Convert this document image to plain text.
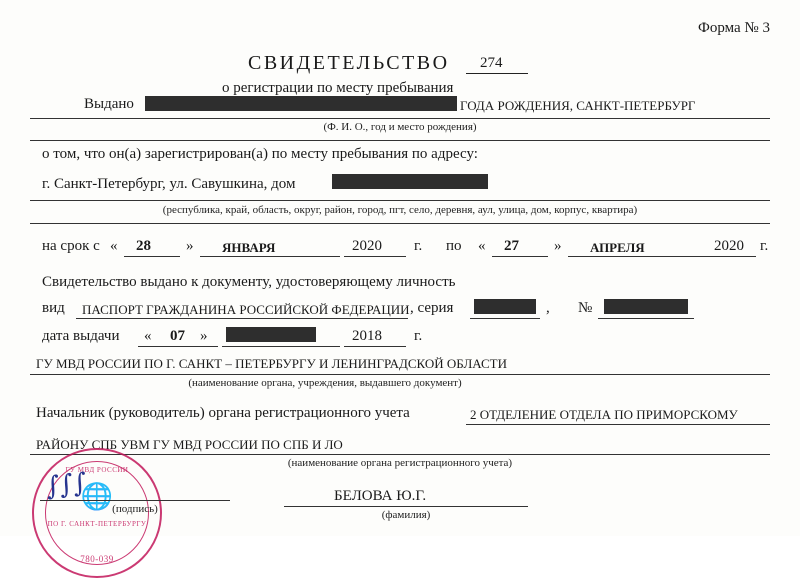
Форма № 3
СВИДЕТЕЛЬСТВО 274
о регистрации по месту пребывания
Выдано	ГОДА РОЖДЕНИЯ, САНКТ-ПЕТЕРБУРГ
(Ф. И. О., год и место рождения)
о том, что он(а) зарегистрирован(а) по месту пребывания по адресу:
г. Санкт-Петербург, ул. Савушкина, дом
(республика, край, область, округ, район, город, пгт, село, деревня, аул, улица, дом, корпус, квартира)
на срок с « 28 » ЯНВАРЯ	2020 г. по « 27 » АПРЕЛЯ	2020 г.
Свидетельство выдано к документу, удостоверяющему личность
вид ПАСПОРТ ГРАЖДАНИНА РОССИЙСКОЙ ФЕДЕРАЦИИ , серия	, №
дата выдачи « 07 »	2018 г.
ГУ МВД РОССИИ ПО Г. САНКТ – ПЕТЕРБУРГУ И ЛЕНИНГРАДСКОЙ ОБЛАСТИ
(наименование органа, учреждения, выдавшего документ)
Начальник (руководитель) органа регистрационного учета	2 ОТДЕЛЕНИЕ ОТДЕЛА ПО ПРИМОРСКОМУ
РАЙОНУ СПБ УВМ ГУ МВД РОССИИ ПО СПБ И ЛО
(наименование органа регистрационного учета)
ГУ МВД РОССИИ
🌐
ПО Г. САНКТ-ПЕТЕРБУРГУ
780-039
∫∫∫
(подпись)
БЕЛОВА Ю.Г.
(фамилия)
